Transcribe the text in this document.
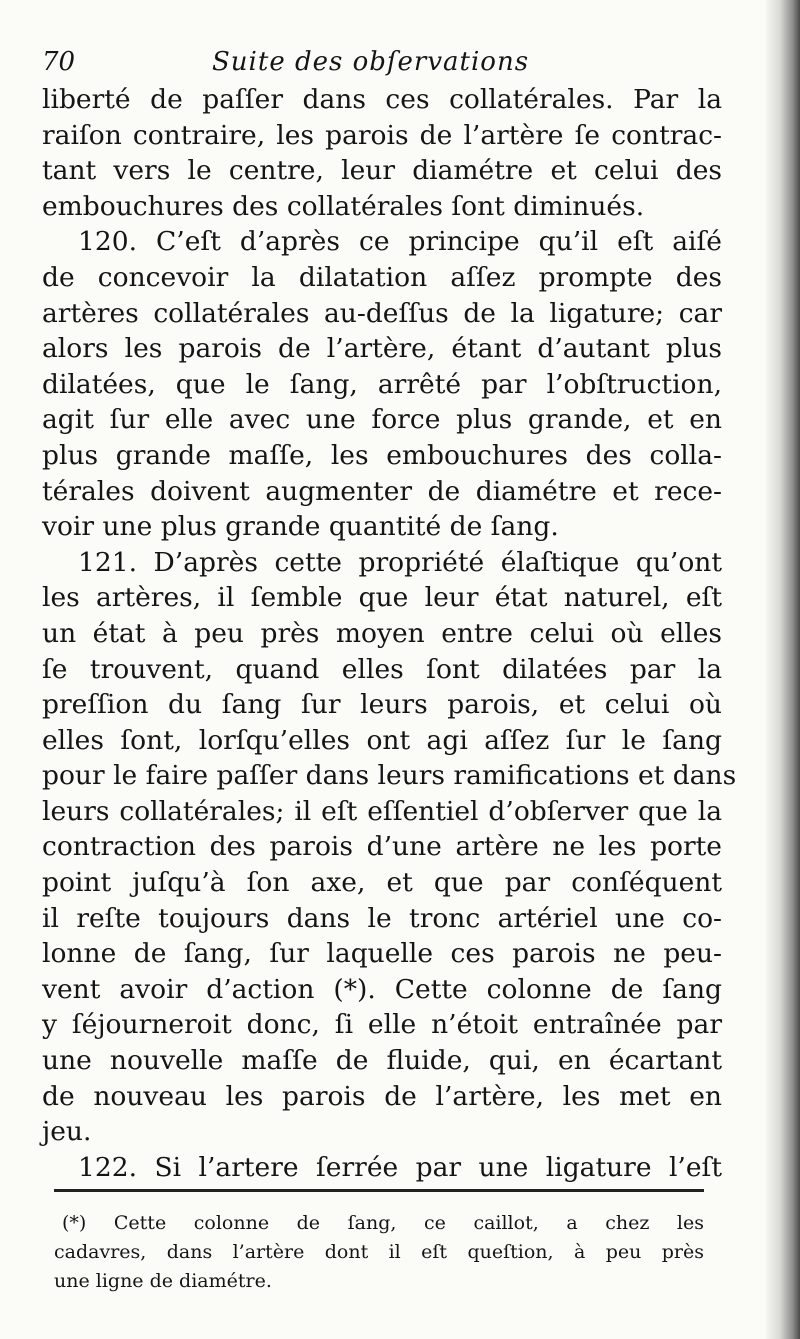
70	Suite des obſervations
liberté de paſſer dans ces collatérales. Par la
raiſon contraire, les parois de l’artère ſe contrac-
tant vers le centre, leur diamétre et celui des
embouchures des collatérales ſont diminués.
120. C’eſt d’après ce principe qu’il eſt aiſé
de concevoir la dilatation aſſez prompte des
artères collatérales au-deſſus de la ligature; car
alors les parois de l’artère, étant d’autant plus
dilatées, que le ſang, arrêté par l’obſtruction,
agit ſur elle avec une force plus grande, et en
plus grande maſſe, les embouchures des colla-
térales doivent augmenter de diamétre et rece-
voir une plus grande quantité de ſang.
121. D’après cette propriété élaſtique qu’ont
les artères, il ſemble que leur état naturel, eſt
un état à peu près moyen entre celui où elles
ſe trouvent, quand elles ſont dilatées par la
preſſion du ſang ſur leurs parois, et celui où
elles ſont, lorſqu’elles ont agi aſſez ſur le ſang
pour le faire paſſer dans leurs ramifications et dans
leurs collatérales; il eſt eſſentiel d’obſerver que la
contraction des parois d’une artère ne les porte
point juſqu’à ſon axe, et que par conſéquent
il reſte toujours dans le tronc artériel une co-
lonne de ſang, ſur laquelle ces parois ne peu-
vent avoir d’action (*). Cette colonne de ſang
y ſéjourneroit donc, ſi elle n’étoit entraînée par
une nouvelle maſſe de fluide, qui, en écartant
de nouveau les parois de l’artère, les met en
jeu.
122. Si l’artere ſerrée par une ligature l’eſt
(*) Cette colonne de ſang, ce caillot, a chez les
cadavres, dans l’artère dont il eſt queſtion, à peu près
une ligne de diamétre.
